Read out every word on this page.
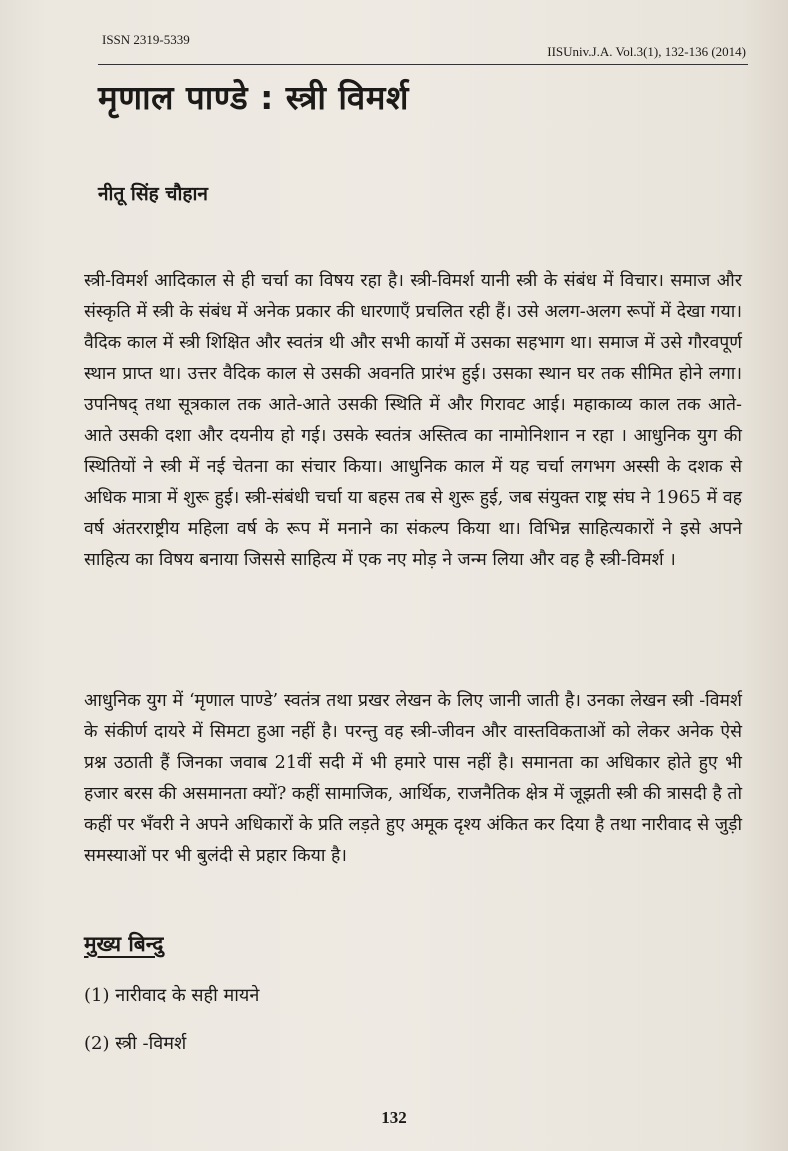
ISSN 2319-5339
IISUniv.J.A. Vol.3(1), 132-136 (2014)
मृणाल पाण्डे : स्त्री विमर्श
नीतू सिंह चौहान

स्त्री-विमर्श आदिकाल से ही चर्चा का विषय रहा है। स्त्री-विमर्श यानी स्त्री के संबंध में विचार। समाज और संस्कृति में स्त्री के संबंध में अनेक प्रकार की धारणाएँ प्रचलित रही हैं। उसे अलग-अलग रूपों में देखा गया। वैदिक काल में स्त्री शिक्षित और स्वतंत्र थी और सभी कार्यो में उसका सहभाग था। समाज में उसे गौरवपूर्ण स्थान प्राप्त था। उत्तर वैदिक काल से उसकी अवनति प्रारंभ हुई। उसका स्थान घर तक सीमित होने लगा। उपनिषद् तथा सूत्रकाल तक आते-आते उसकी स्थिति में और गिरावट आई। महाकाव्य काल तक आते-आते उसकी दशा और दयनीय हो गई। उसके स्वतंत्र अस्तित्व का नामोनिशान न रहा । आधुनिक युग की स्थितियों ने स्त्री में नई चेतना का संचार किया। आधुनिक काल में यह चर्चा लगभग अस्सी के दशक से अधिक मात्रा में शुरू हुई। स्त्री-संबंधी चर्चा या बहस तब से शुरू हुई, जब संयुक्त राष्ट्र संघ ने 1965 में वह वर्ष अंतरराष्ट्रीय महिला वर्ष के रूप में मनाने का संकल्प किया था। विभिन्न साहित्यकारों ने इसे अपने साहित्य का विषय बनाया जिससे साहित्य में एक नए मोड़ ने जन्म लिया और वह है स्त्री-विमर्श ।

आधुनिक युग में ‘मृणाल पाण्डे’ स्वतंत्र तथा प्रखर लेखन के लिए जानी जाती है। उनका लेखन स्त्री -विमर्श के संकीर्ण दायरे में सिमटा हुआ नहीं है। परन्तु वह स्त्री-जीवन और वास्तविकताओं को लेकर अनेक ऐसे प्रश्न उठाती हैं जिनका जवाब 21वीं सदी में भी हमारे पास नहीं है। समानता का अधिकार होते हुए भी हजार बरस की असमानता क्यों? कहीं सामाजिक, आर्थिक, राजनैतिक क्षेत्र में जूझती स्त्री की त्रासदी है तो कहीं पर भँवरी ने अपने अधिकारों के प्रति लड़ते हुए अमूक दृश्य अंकित कर दिया है तथा नारीवाद से जुड़ी समस्याओं पर भी बुलंदी से प्रहार किया है।

मुख्य बिन्दु
(1) नारीवाद के सही मायने
(2) स्त्री -विमर्श
132
